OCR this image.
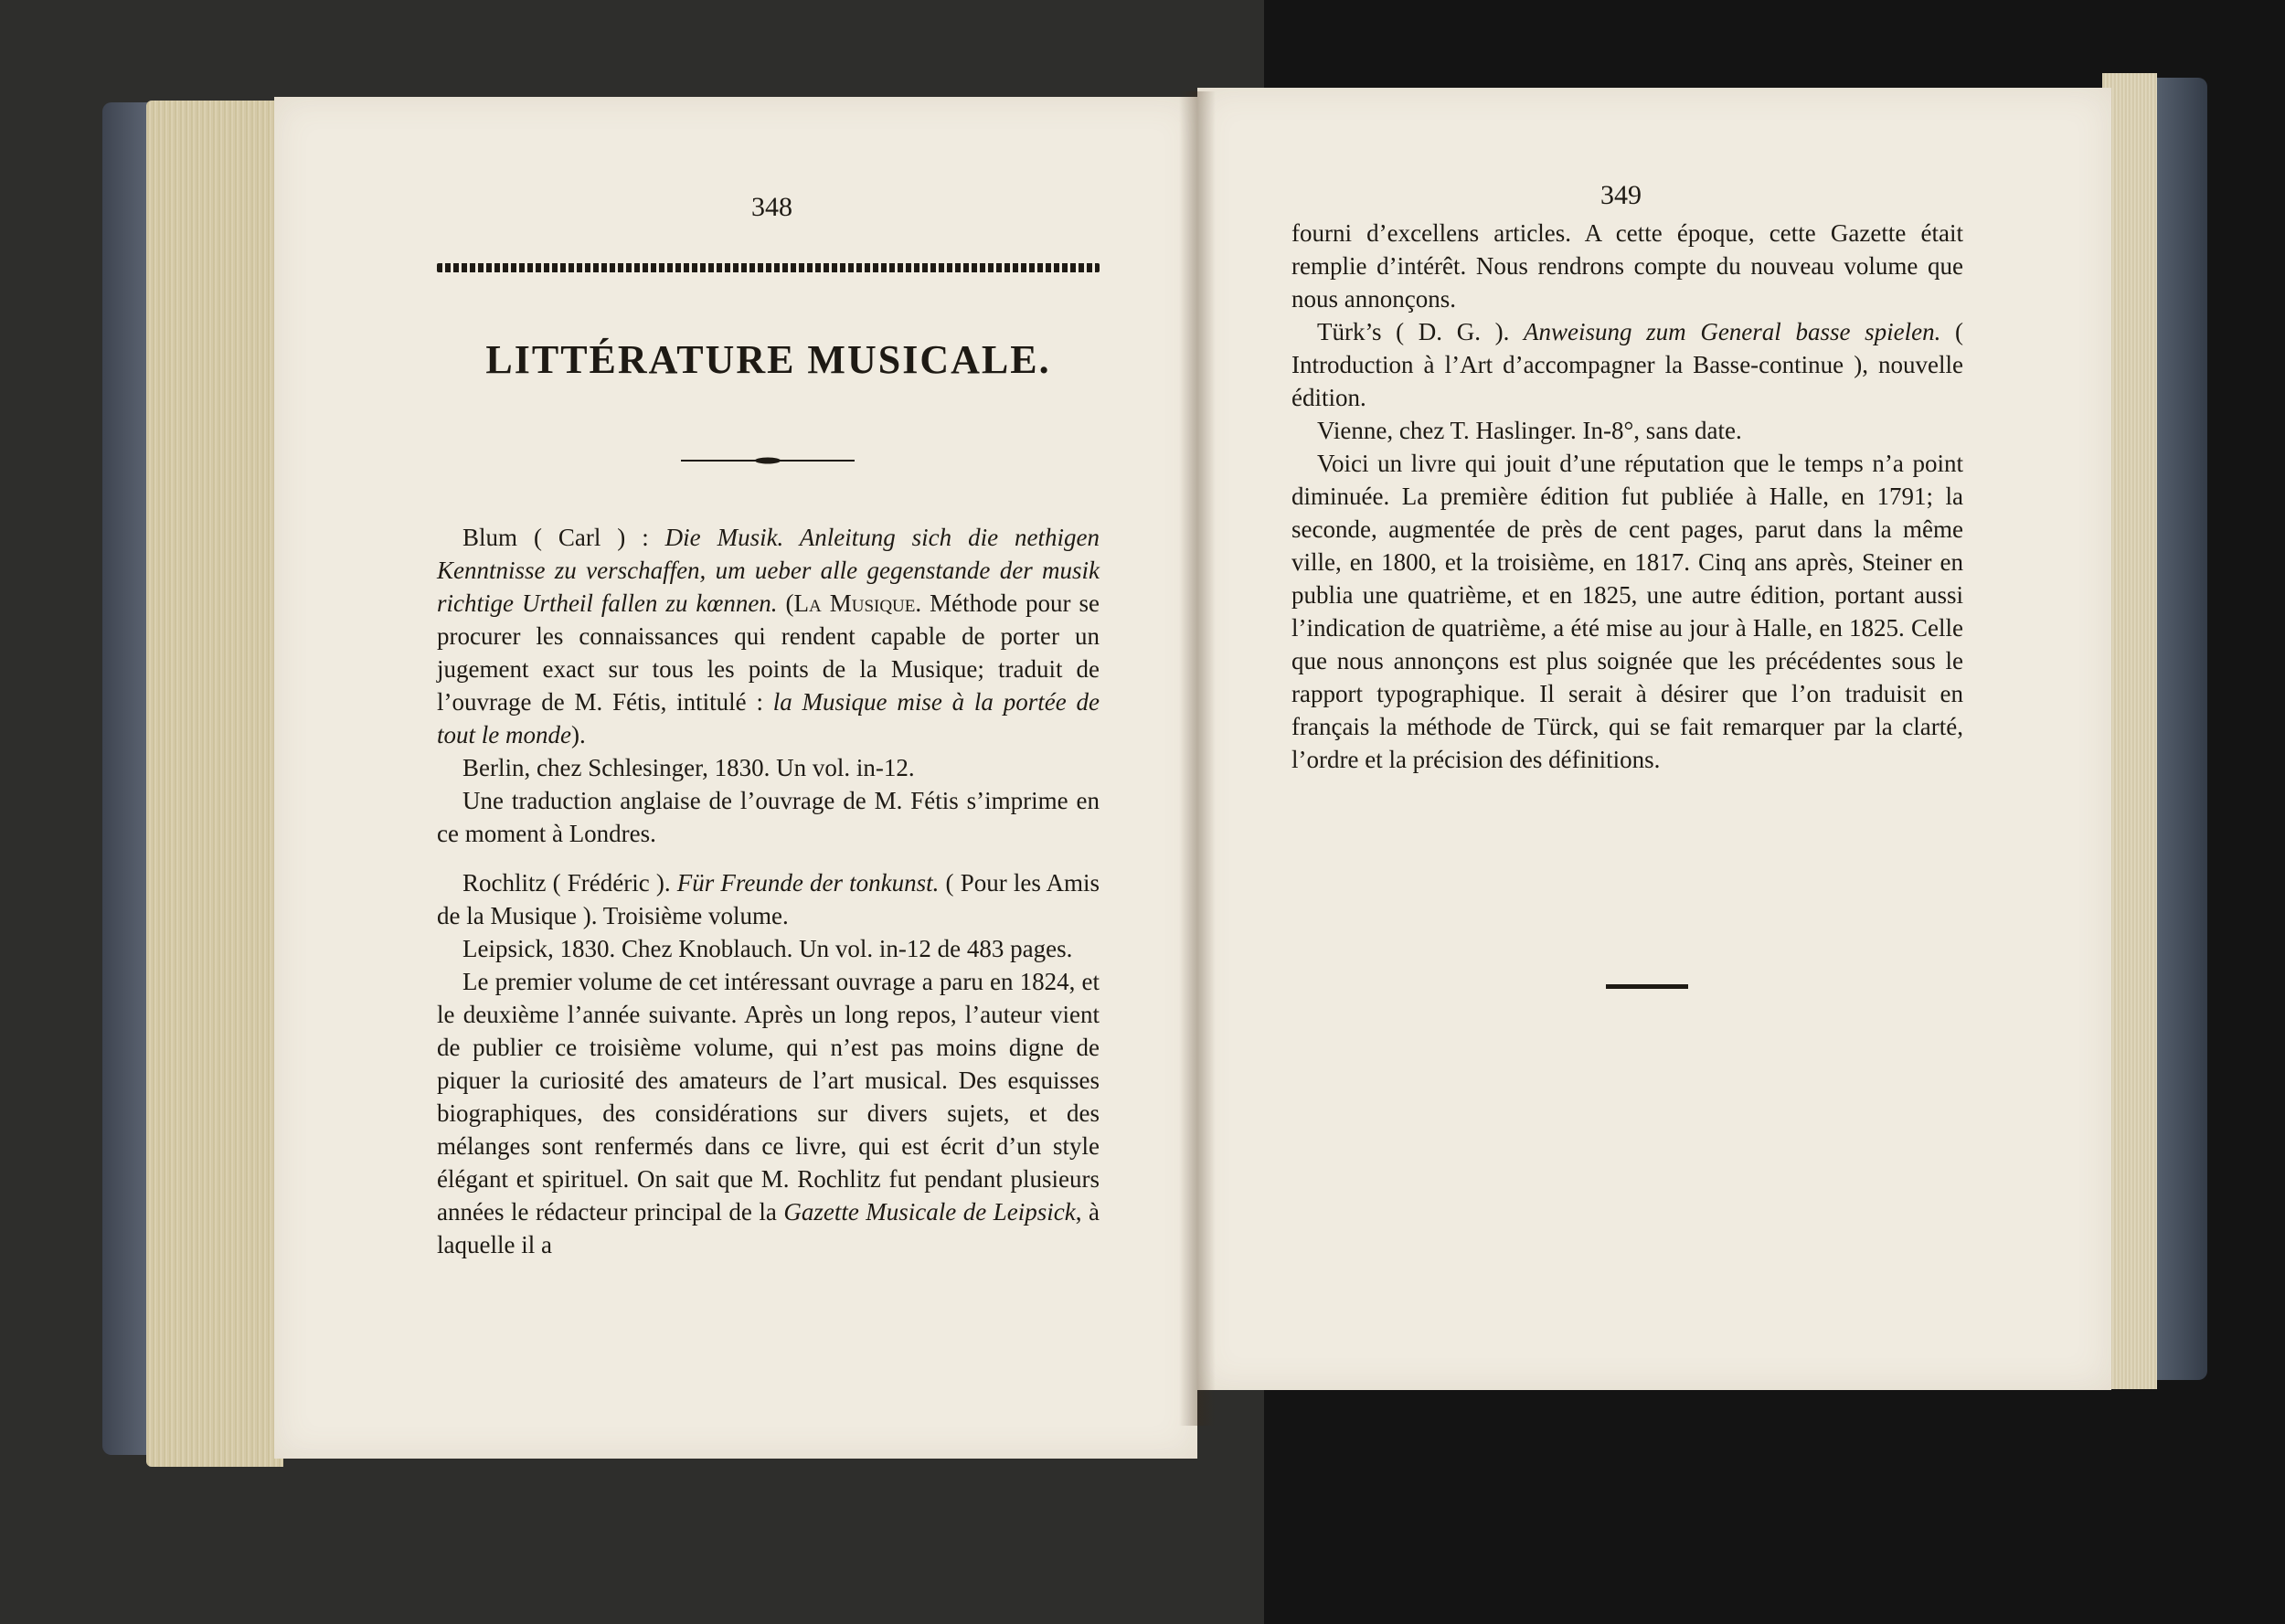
348
LITTÉRATURE MUSICALE.

Blum ( Carl ) : Die Musik. Anleitung sich die nethigen Kenntnisse zu verschaffen, um ueber alle gegenstande der musik richtige Urtheil fallen zu kœnnen. (La Musique. Méthode pour se procurer les connaissances qui rendent capable de porter un jugement exact sur tous les points de la Musique; traduit de l’ouvrage de M. Fétis, intitulé : la Musique mise à la portée de tout le monde).

Berlin, chez Schlesinger, 1830. Un vol. in-12.

Une traduction anglaise de l’ouvrage de M. Fétis s’imprime en ce moment à Londres.

Rochlitz ( Frédéric ). Für Freunde der tonkunst. ( Pour les Amis de la Musique ). Troisième volume.

Leipsick, 1830. Chez Knoblauch. Un vol. in-12 de 483 pages.

Le premier volume de cet intéressant ouvrage a paru en 1824, et le deuxième l’année suivante. Après un long repos, l’auteur vient de publier ce troisième volume, qui n’est pas moins digne de piquer la curiosité des amateurs de l’art musical. Des esquisses biographiques, des considérations sur divers sujets, et des mélanges sont renfermés dans ce livre, qui est écrit d’un style élégant et spirituel. On sait que M. Rochlitz fut pendant plusieurs années le rédacteur principal de la Gazette Musicale de Leipsick, à laquelle il a

349

fourni d’excellens articles. A cette époque, cette Gazette était remplie d’intérêt. Nous rendrons compte du nouveau volume que nous annonçons.

Türk’s ( D. G. ). Anweisung zum General basse spielen. ( Introduction à l’Art d’accompagner la Basse-continue ), nouvelle édition.

Vienne, chez T. Haslinger. In-8°, sans date.

Voici un livre qui jouit d’une réputation que le temps n’a point diminuée. La première édition fut publiée à Halle, en 1791; la seconde, augmentée de près de cent pages, parut dans la même ville, en 1800, et la troisième, en 1817. Cinq ans après, Steiner en publia une quatrième, et en 1825, une autre édition, portant aussi l’indication de quatrième, a été mise au jour à Halle, en 1825. Celle que nous annonçons est plus soignée que les précédentes sous le rapport typographique. Il serait à désirer que l’on traduisit en français la méthode de Türck, qui se fait remarquer par la clarté, l’ordre et la précision des définitions.
